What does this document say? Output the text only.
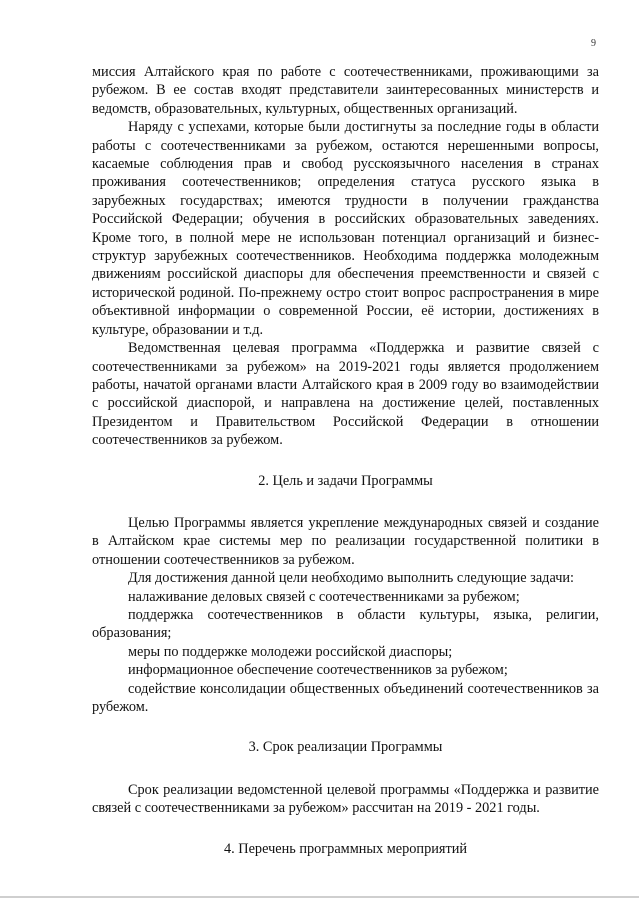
9

миссия Алтайского края по работе с соотечественниками, проживающими за рубежом. В ее состав входят представители заинтересованных министерств и ведомств, образовательных, культурных, общественных организаций.

Наряду с успехами, которые были достигнуты за последние годы в области работы с соотечественниками за рубежом, остаются нерешенными вопросы, касаемые соблюдения прав и свобод русскоязычного населения в странах проживания соотечественников; определения статуса русского языка в зарубежных государствах; имеются трудности в получении гражданства Российской Федерации; обучения в российских образовательных заведениях. Кроме того, в полной мере не использован потенциал организаций и бизнес-структур зарубежных соотечественников. Необходима поддержка молодежным движениям российской диаспоры для обеспечения преемственности и связей с исторической родиной. По-прежнему остро стоит вопрос распространения в мире объективной информации о современной России, её истории, достижениях в культуре, образовании и т.д.

Ведомственная целевая программа «Поддержка и развитие связей с соотечественниками за рубежом» на 2019-2021 годы является продолжением работы, начатой органами власти Алтайского края в 2009 году во взаимодействии с российской диаспорой, и направлена на достижение целей, поставленных Президентом и Правительством Российской Федерации в отношении соотечественников за рубежом.

2. Цель и задачи Программы

Целью Программы является укрепление международных связей и создание в Алтайском крае системы мер по реализации государственной политики в отношении соотечественников за рубежом.

Для достижения данной цели необходимо выполнить следующие задачи:

налаживание деловых связей с соотечественниками за рубежом;

поддержка соотечественников в области культуры, языка, религии, образования;

меры по поддержке молодежи российской диаспоры;

информационное обеспечение соотечественников за рубежом;

содействие консолидации общественных объединений соотечественников за рубежом.

3. Срок реализации Программы

Срок реализации ведомстенной целевой программы «Поддержка и развитие связей с соотечественниками за рубежом» рассчитан на 2019 - 2021 годы.

4. Перечень программных мероприятий
